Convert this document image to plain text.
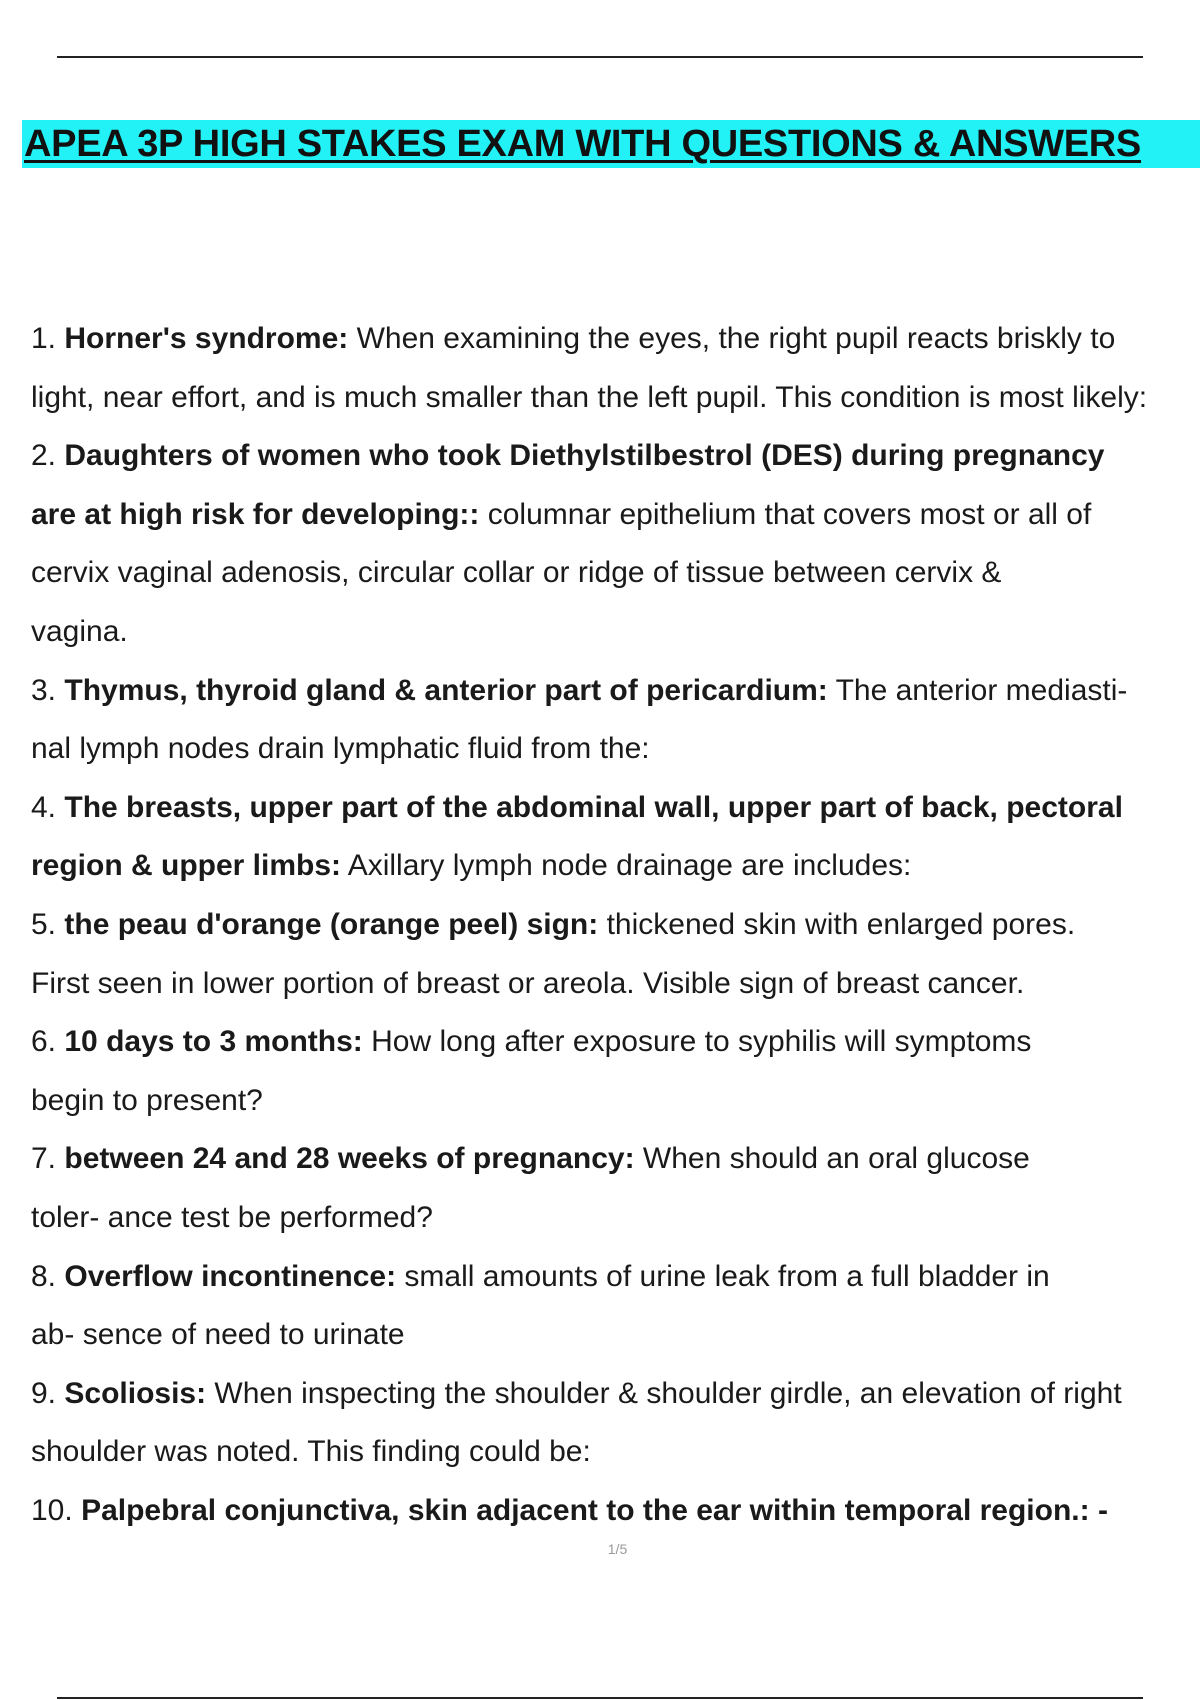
APEA 3P HIGH STAKES EXAM WITH QUESTIONS & ANSWERS
1. Horner's syndrome: When examining the eyes, the right pupil reacts briskly to
light, near effort, and is much smaller than the left pupil. This condition is most likely:
2. Daughters of women who took Diethylstilbestrol (DES) during pregnancy
are at high risk for developing:: columnar epithelium that covers most or all of
cervix vaginal adenosis, circular collar or ridge of tissue between cervix &
vagina.
3. Thymus, thyroid gland & anterior part of pericardium: The anterior mediasti-
nal lymph nodes drain lymphatic fluid from the:
4. The breasts, upper part of the abdominal wall, upper part of back, pectoral
region & upper limbs: Axillary lymph node drainage are includes:
5. the peau d'orange (orange peel) sign: thickened skin with enlarged pores.
First seen in lower portion of breast or areola. Visible sign of breast cancer.
6. 10 days to 3 months: How long after exposure to syphilis will symptoms
begin to present?
7. between 24 and 28 weeks of pregnancy: When should an oral glucose
toler- ance test be performed?
8. Overflow incontinence: small amounts of urine leak from a full bladder in
ab- sence of need to urinate
9. Scoliosis: When inspecting the shoulder & shoulder girdle, an elevation of right
shoulder was noted. This finding could be:
10. Palpebral conjunctiva, skin adjacent to the ear within temporal region.: -
1/5
